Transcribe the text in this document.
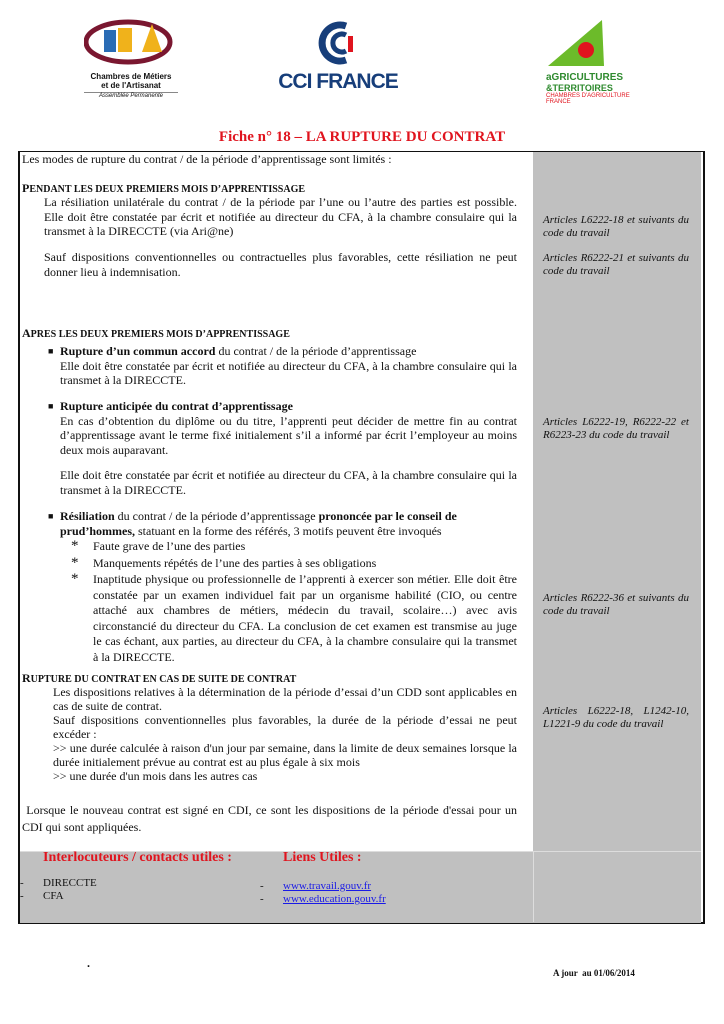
Chambres de Métiers
et de l'Artisanat
Assemblée Permanente
CCI FRANCE	aGRICULTURES
&TERRITOIRES
CHAMBRES D'AGRICULTURE
FRANCE
Fiche n° 18 – LA RUPTURE DU CONTRAT
Les modes de rupture du contrat / de la période d’apprentissage sont limités :
PENDANT LES DEUX PREMIERS MOIS D’APPRENTISSAGE
La résiliation unilatérale du contrat / de la période par l’une ou l’autre des parties est possible. Elle doit être constatée par écrit et notifiée au directeur du CFA, à la chambre consulaire qui la transmet à la DIRECCTE (via Ari@ne)
Sauf dispositions conventionnelles ou contractuelles plus favorables, cette résiliation ne peut donner lieu à indemnisation.
APRES LES DEUX PREMIERS MOIS D’APPRENTISSAGE
■ Rupture d’un commun accord du contrat / de la période d’apprentissage
Elle doit être constatée par écrit et notifiée au directeur du CFA, à la chambre consulaire qui la transmet à la DIRECCTE.
■ Rupture anticipée du contrat d’apprentissage
En cas d’obtention du diplôme ou du titre, l’apprenti peut décider de mettre fin au contrat d’apprentissage avant le terme fixé initialement s’il a informé par écrit l’employeur au moins deux mois auparavant.
Elle doit être constatée par écrit et notifiée au directeur du CFA, à la chambre consulaire qui la transmet à la DIRECCTE.
■ Résiliation du contrat / de la période d’apprentissage prononcée par le conseil de prud’hommes, statuant en la forme des référés, 3 motifs peuvent être invoqués
* Faute grave de l’une des parties
* Manquements répétés de l’une des parties à ses obligations
* Inaptitude physique ou professionnelle de l’apprenti à exercer son métier. Elle doit être constatée par un examen individuel fait par un organisme habilité (CIO, ou centre attaché aux chambres de métiers, médecin du travail, scolaire…) avec avis circonstancié du directeur du CFA. La conclusion de cet examen est transmise au juge le cas échant, aux parties, au directeur du CFA, à la chambre consulaire qui la transmet à la DIRECCTE.
RUPTURE DU CONTRAT EN CAS DE SUITE DE CONTRAT
Les dispositions relatives à la détermination de la période d’essai d’un CDD sont applicables en cas de suite de contrat.
Sauf dispositions conventionnelles plus favorables, la durée de la période d’essai ne peut excéder :
>> une durée calculée à raison d'un jour par semaine, dans la limite de deux semaines lorsque la durée initialement prévue au contrat est au plus égale à six mois
>> une durée d'un mois dans les autres cas
Lorsque le nouveau contrat est signé en CDI, ce sont les dispositions de la période d'essai pour un CDI qui sont appliquées.
Articles L6222-18 et suivants du code du travail
Articles R6222-21 et suivants du code du travail
Articles L6222-19, R6222-22 et R6223-23 du code du travail
Articles R6222-36 et suivants du code du travail
Articles L6222-18, L1242-10, L1221-9 du code du travail
Interlocuteurs / contacts utiles :	Liens Utiles :
- DIRECCTE
- CFA
- www.travail.gouv.fr
- www.education.gouv.fr
.
A jour  au 01/06/2014
